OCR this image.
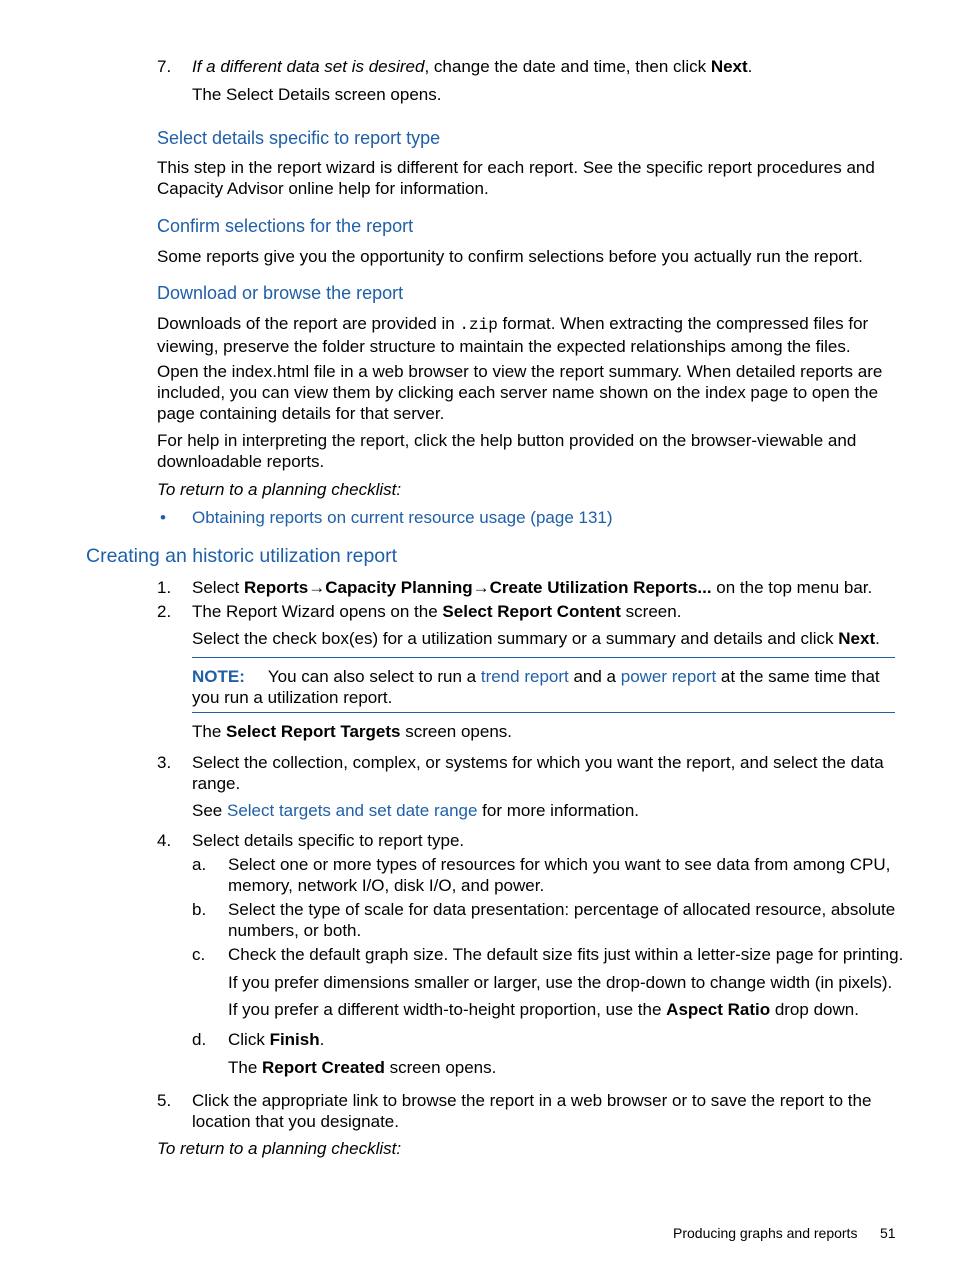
7. If a different data set is desired, change the date and time, then click Next.
The Select Details screen opens.
Select details specific to report type
This step in the report wizard is different for each report. See the specific report procedures and Capacity Advisor online help for information.
Confirm selections for the report
Some reports give you the opportunity to confirm selections before you actually run the report.
Download or browse the report
Downloads of the report are provided in .zip format. When extracting the compressed files for viewing, preserve the folder structure to maintain the expected relationships among the files.
Open the index.html file in a web browser to view the report summary. When detailed reports are included, you can view them by clicking each server name shown on the index page to open the page containing details for that server.
For help in interpreting the report, click the help button provided on the browser-viewable and downloadable reports.
To return to a planning checklist:
• Obtaining reports on current resource usage (page 131)
Creating an historic utilization report
1. Select Reports→Capacity Planning→Create Utilization Reports... on the top menu bar.
2. The Report Wizard opens on the Select Report Content screen.
Select the check box(es) for a utilization summary or a summary and details and click Next.
NOTE: You can also select to run a trend report and a power report at the same time that you run a utilization report.
The Select Report Targets screen opens.
3. Select the collection, complex, or systems for which you want the report, and select the data range.
See Select targets and set date range for more information.
4. Select details specific to report type.
a. Select one or more types of resources for which you want to see data from among CPU, memory, network I/O, disk I/O, and power.
b. Select the type of scale for data presentation: percentage of allocated resource, absolute numbers, or both.
c. Check the default graph size. The default size fits just within a letter-size page for printing.
If you prefer dimensions smaller or larger, use the drop-down to change width (in pixels).
If you prefer a different width-to-height proportion, use the Aspect Ratio drop down.
d. Click Finish.
The Report Created screen opens.
5. Click the appropriate link to browse the report in a web browser or to save the report to the location that you designate.
To return to a planning checklist:
Producing graphs and reports 51
